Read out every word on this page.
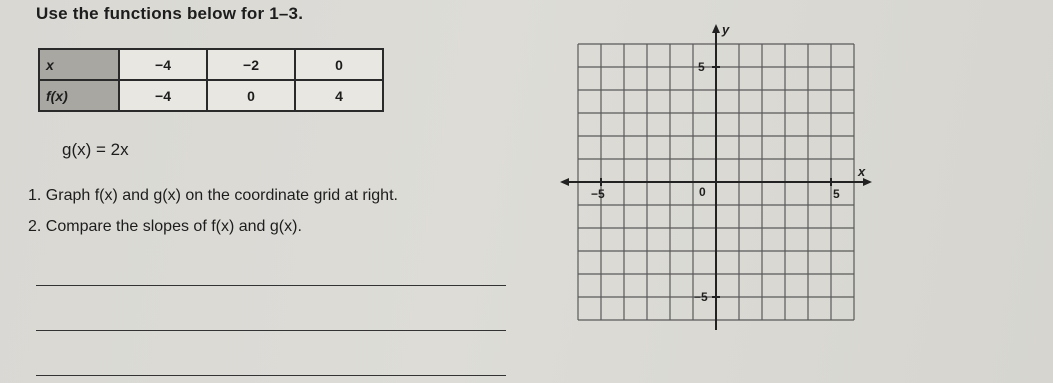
Use the functions below for 1–3.
x	−4	−2	0
f(x)	−4	0	4
g(x) = 2x
1. Graph f(x) and g(x) on the coordinate grid at right.
2. Compare the slopes of f(x) and g(x).
x
y
0
−5	5
5
−5
